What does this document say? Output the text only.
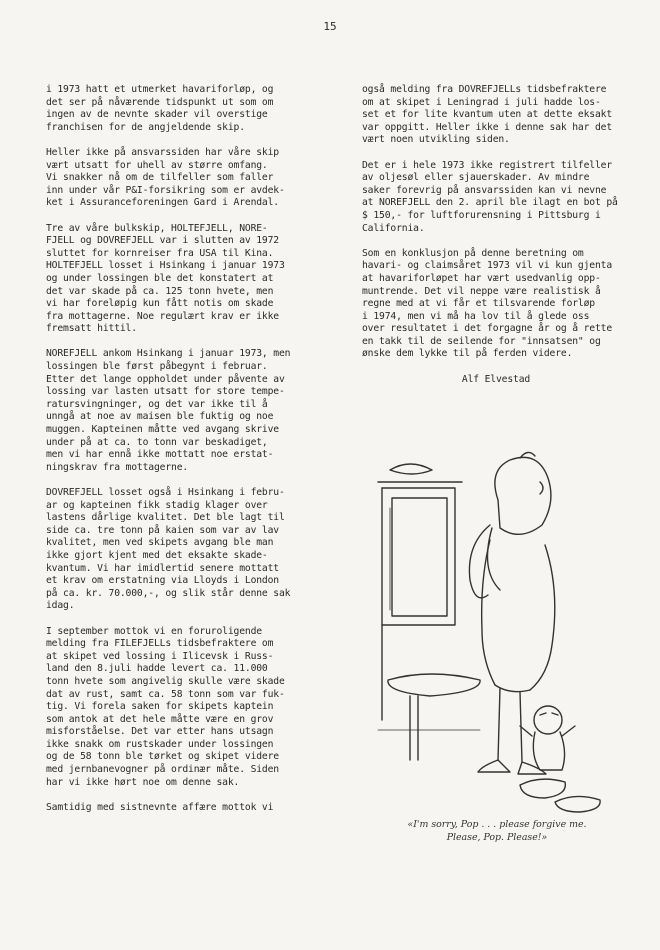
15
i 1973 hatt et utmerket havariforløp, og
det ser på nåværende tidspunkt ut som om
ingen av de nevnte skader vil overstige
franchisen for de angjeldende skip.
Heller ikke på ansvarssiden har våre skip
vært utsatt for uhell av større omfang.
Vi snakker nå om de tilfeller som faller
inn under vår P&I-forsikring som er avdek-
ket i Assuranceforeningen Gard i Arendal.
Tre av våre bulkskip, HOLTEFJELL, NORE-
FJELL og DOVREFJELL var i slutten av 1972
sluttet for kornreiser fra USA til Kina.
HOLTEFJELL losset i Hsinkang i januar 1973
og under lossingen ble det konstatert at
det var skade på ca. 125 tonn hvete, men
vi har foreløpig kun fått notis om skade
fra mottagerne. Noe regulært krav er ikke
fremsatt hittil.
NOREFJELL ankom Hsinkang i januar 1973, men
lossingen ble først påbegynt i februar.
Etter det lange oppholdet under påvente av
lossing var lasten utsatt for store tempe-
ratursvingninger, og det var ikke til å
unngå at noe av maisen ble fuktig og noe
muggen. Kapteinen måtte ved avgang skrive
under på at ca. to tonn var beskadiget,
men vi har ennå ikke mottatt noe erstat-
ningskrav fra mottagerne.
DOVREFJELL losset også i Hsinkang i febru-
ar og kapteinen fikk stadig klager over
lastens dårlige kvalitet. Det ble lagt til
side ca. tre tonn på kaien som var av lav
kvalitet, men ved skipets avgang ble man
ikke gjort kjent med det eksakte skade-
kvantum. Vi har imidlertid senere mottatt
et krav om erstatning via Lloyds i London
på ca. kr. 70.000,-, og slik står denne sak
idag.
I september mottok vi en foruroligende
melding fra FILEFJELLs tidsbefraktere om
at skipet ved lossing i Ilicevsk i Russ-
land den 8.juli hadde levert ca. 11.000
tonn hvete som angivelig skulle være skade
dat av rust, samt ca. 58 tonn som var fuk-
tig. Vi forela saken for skipets kaptein
som antok at det hele måtte være en grov
misforståelse. Det var etter hans utsagn
ikke snakk om rustskader under lossingen
og de 58 tonn ble tørket og skipet videre
med jernbanevogner på ordinær måte. Siden
har vi ikke hørt noe om denne sak.
Samtidig med sistnevnte affære mottok vi
også melding fra DOVREFJELLs tidsbefraktere
om at skipet i Leningrad i juli hadde los-
set et for lite kvantum uten at dette eksakt
var oppgitt. Heller ikke i denne sak har det
vært noen utvikling siden.
Det er i hele 1973 ikke registrert tilfeller
av oljesøl eller sjauerskader. Av mindre
saker forevrig på ansvarssiden kan vi nevne
at NOREFJELL den 2. april ble ilagt en bot på
$ 150,- for luftforurensning i Pittsburg i
California.
Som en konklusjon på denne beretning om
havari- og claimsåret 1973 vil vi kun gjenta
at havariforløpet har vært usedvanlig opp-
muntrende. Det vil neppe være realistisk å
regne med at vi får et tilsvarende forløp
i 1974, men vi må ha lov til å glede oss
over resultatet i det forgagne år og å rette
en takk til de seilende for "innsatsen" og
ønske dem lykke til på ferden videre.
Alf Elvestad
«I'm sorry, Pop . . . please forgive me.
Please, Pop. Please!»
